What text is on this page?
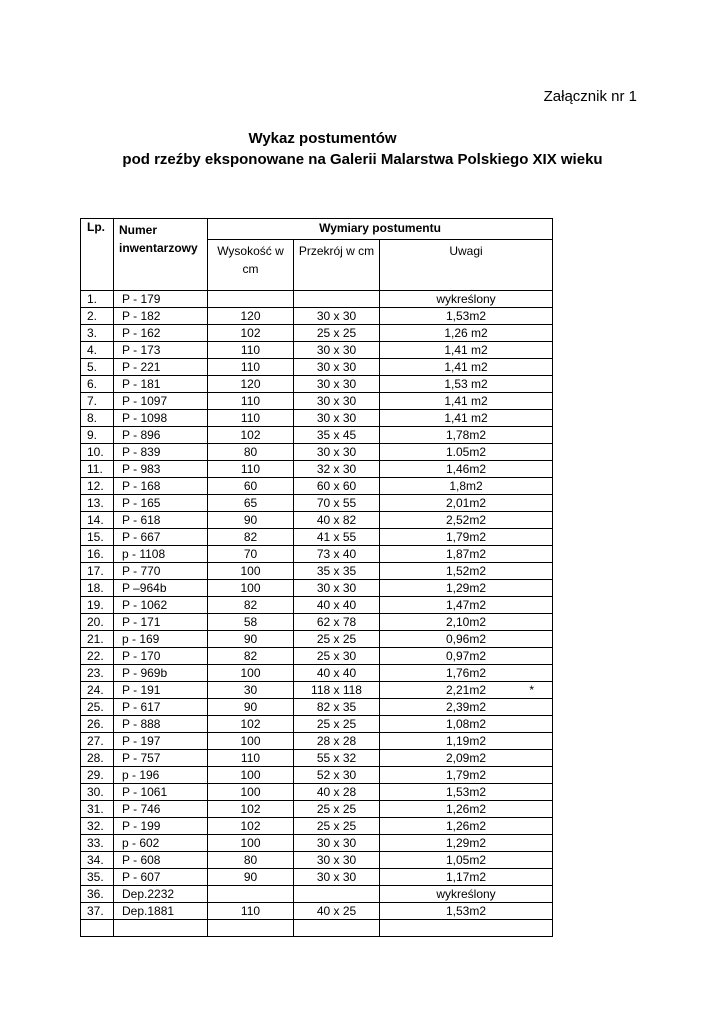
Załącznik nr 1
Wykaz postumentów
pod rzeźby eksponowane na Galerii Malarstwa Polskiego XIX wieku
Lp.	Numer inwentarzowy	Wymiary postumentu		
		Wysokość w cm	Przekrój w cm	Uwagi
1.	P - 179			wykreślony
2.	P - 182	120	30 x 30	1,53m2
3.	P - 162	102	25 x 25	1,26 m2
4.	P - 173	110	30 x 30	1,41 m2
5.	P - 221	110	30 x 30	1,41 m2
6.	P - 181	120	30 x 30	1,53 m2
7.	P - 1097	110	30 x 30	1,41 m2
8.	P - 1098	110	30 x 30	1,41 m2
9.	P - 896	102	35 x 45	1,78m2
10.	P - 839	80	30 x 30	1.05m2
11.	P - 983	110	32 x 30	1,46m2
12.	P - 168	60	60 x 60	1,8m2
13.	P - 165	65	70 x 55	2,01m2
14.	P - 618	90	40 x 82	2,52m2
15.	P - 667	82	41 x 55	1,79m2
16.	p - 1108	70	73 x 40	1,87m2
17.	P - 770	100	35 x 35	1,52m2
18.	P –964b	100	30 x 30	1,29m2
19.	P - 1062	82	40 x 40	1,47m2
20.	P - 171	58	62 x 78	2,10m2
21.	p - 169	90	25 x 25	0,96m2
22.	P - 170	82	25 x 30	0,97m2
23.	P - 969b	100	40 x 40	1,76m2
24.	P - 191	30	118 x 118	2,21m2 *

25.	P - 617	90	82 x 35	2,39m2
26.	P - 888	102	25 x 25	1,08m2
27.	P - 197	100	28 x 28	1,19m2
28.	P - 757	110	55 x 32	2,09m2
29.	p - 196	100	52 x 30	1,79m2
30.	P - 1061	100	40 x 28	1,53m2
31.	P - 746	102	25 x 25	1,26m2
32.	P - 199	102	25 x 25	1,26m2
33.	p - 602	100	30 x 30	1,29m2
34.	P - 608	80	30 x 30	1,05m2
35.	P - 607	90	30 x 30	1,17m2
36.	Dep.2232			wykreślony
37.	Dep.1881	110	40 x 25	1,53m2
